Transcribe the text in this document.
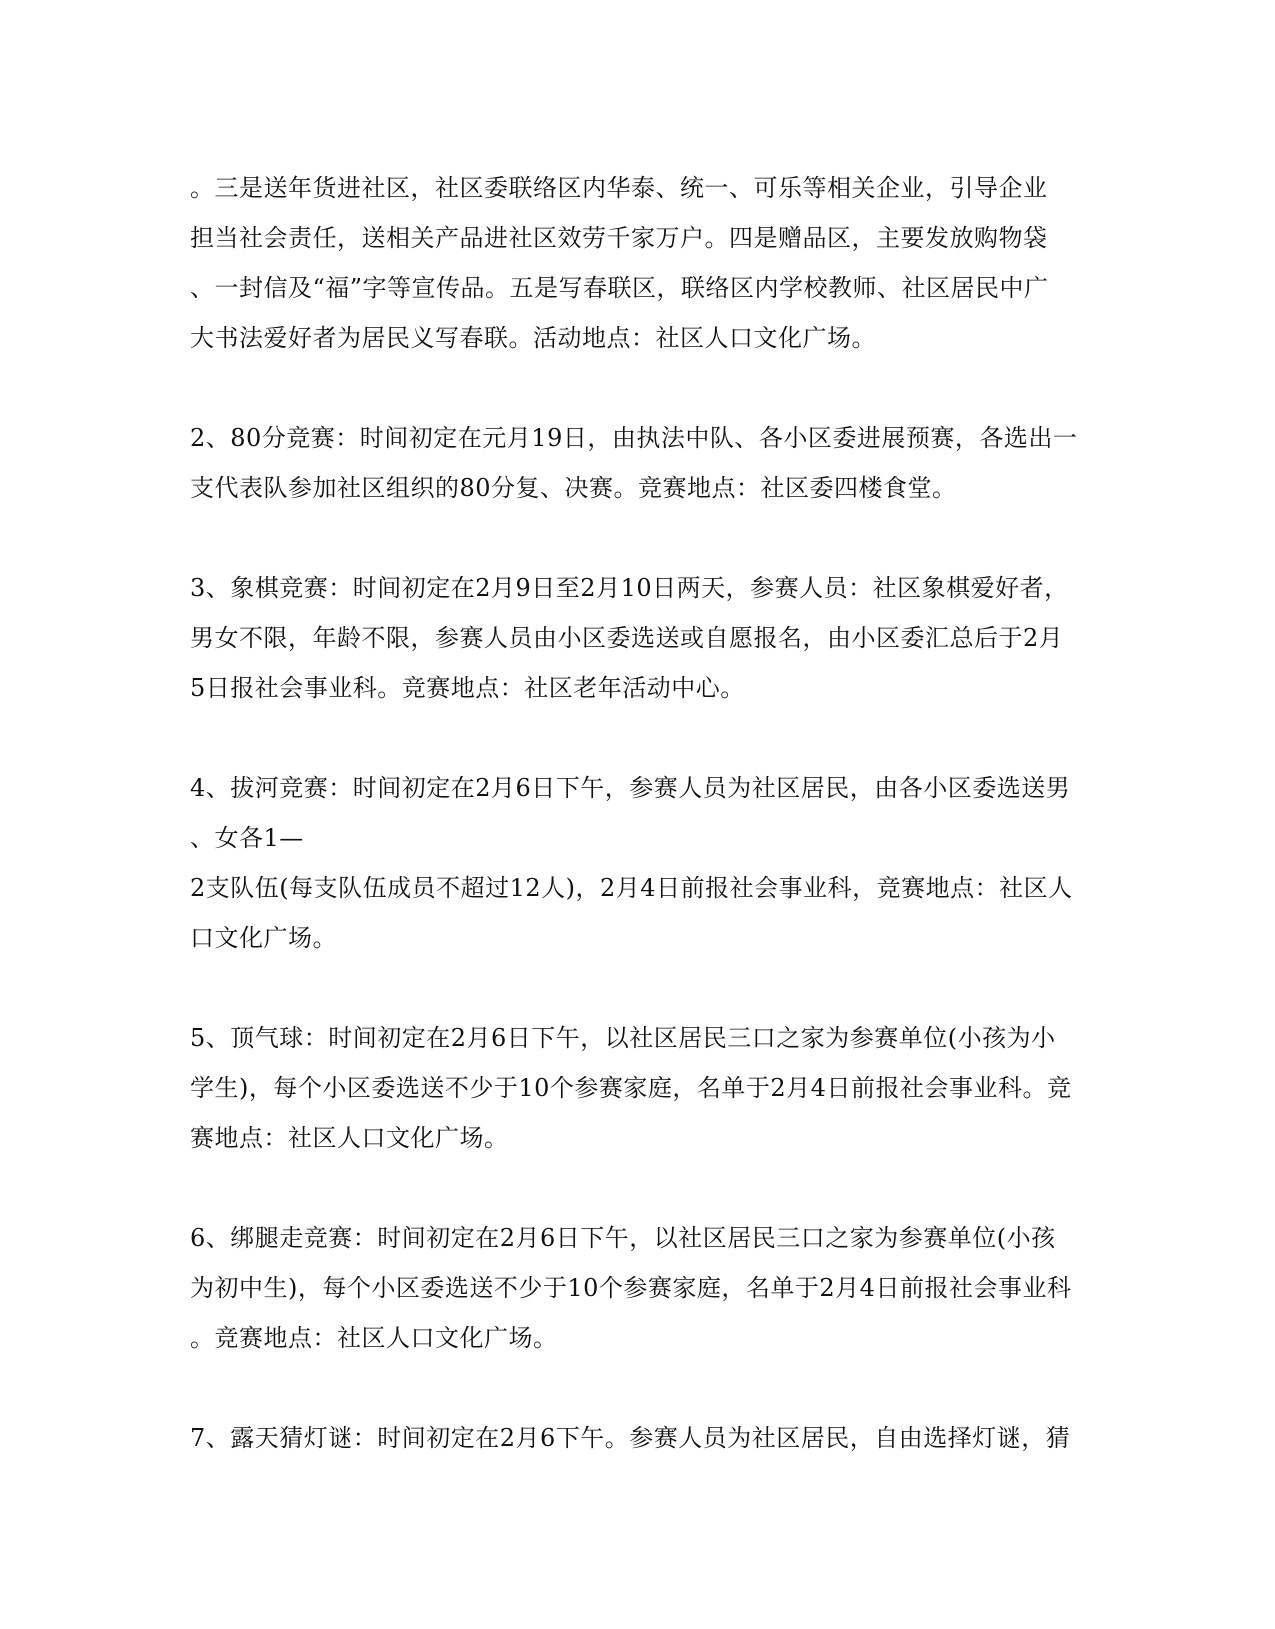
。三是送年货进社区，社区委联络区内华泰、统一、可乐等相关企业，引导企业
担当社会责任，送相关产品进社区效劳千家万户。四是赠品区，主要发放购物袋
、一封信及“福”字等宣传品。五是写春联区，联络区内学校教师、社区居民中广
大书法爱好者为居民义写春联。活动地点：社区人口文化广场。
2、80分竞赛：时间初定在元月19日，由执法中队、各小区委进展预赛，各选出一
支代表队参加社区组织的80分复、决赛。竞赛地点：社区委四楼食堂。
3、象棋竞赛：时间初定在2月9日至2月10日两天，参赛人员：社区象棋爱好者，
男女不限，年龄不限，参赛人员由小区委选送或自愿报名，由小区委汇总后于2月
5日报社会事业科。竞赛地点：社区老年活动中心。
4、拔河竞赛：时间初定在2月6日下午，参赛人员为社区居民，由各小区委选送男
、女各1—
2支队伍(每支队伍成员不超过12人)，2月4日前报社会事业科，竞赛地点：社区人
口文化广场。
5、顶气球：时间初定在2月6日下午，以社区居民三口之家为参赛单位(小孩为小
学生)，每个小区委选送不少于10个参赛家庭，名单于2月4日前报社会事业科。竞
赛地点：社区人口文化广场。
6、绑腿走竞赛：时间初定在2月6日下午，以社区居民三口之家为参赛单位(小孩
为初中生)，每个小区委选送不少于10个参赛家庭，名单于2月4日前报社会事业科
。竞赛地点：社区人口文化广场。
7、露天猜灯谜：时间初定在2月6下午。参赛人员为社区居民，自由选择灯谜，猜
